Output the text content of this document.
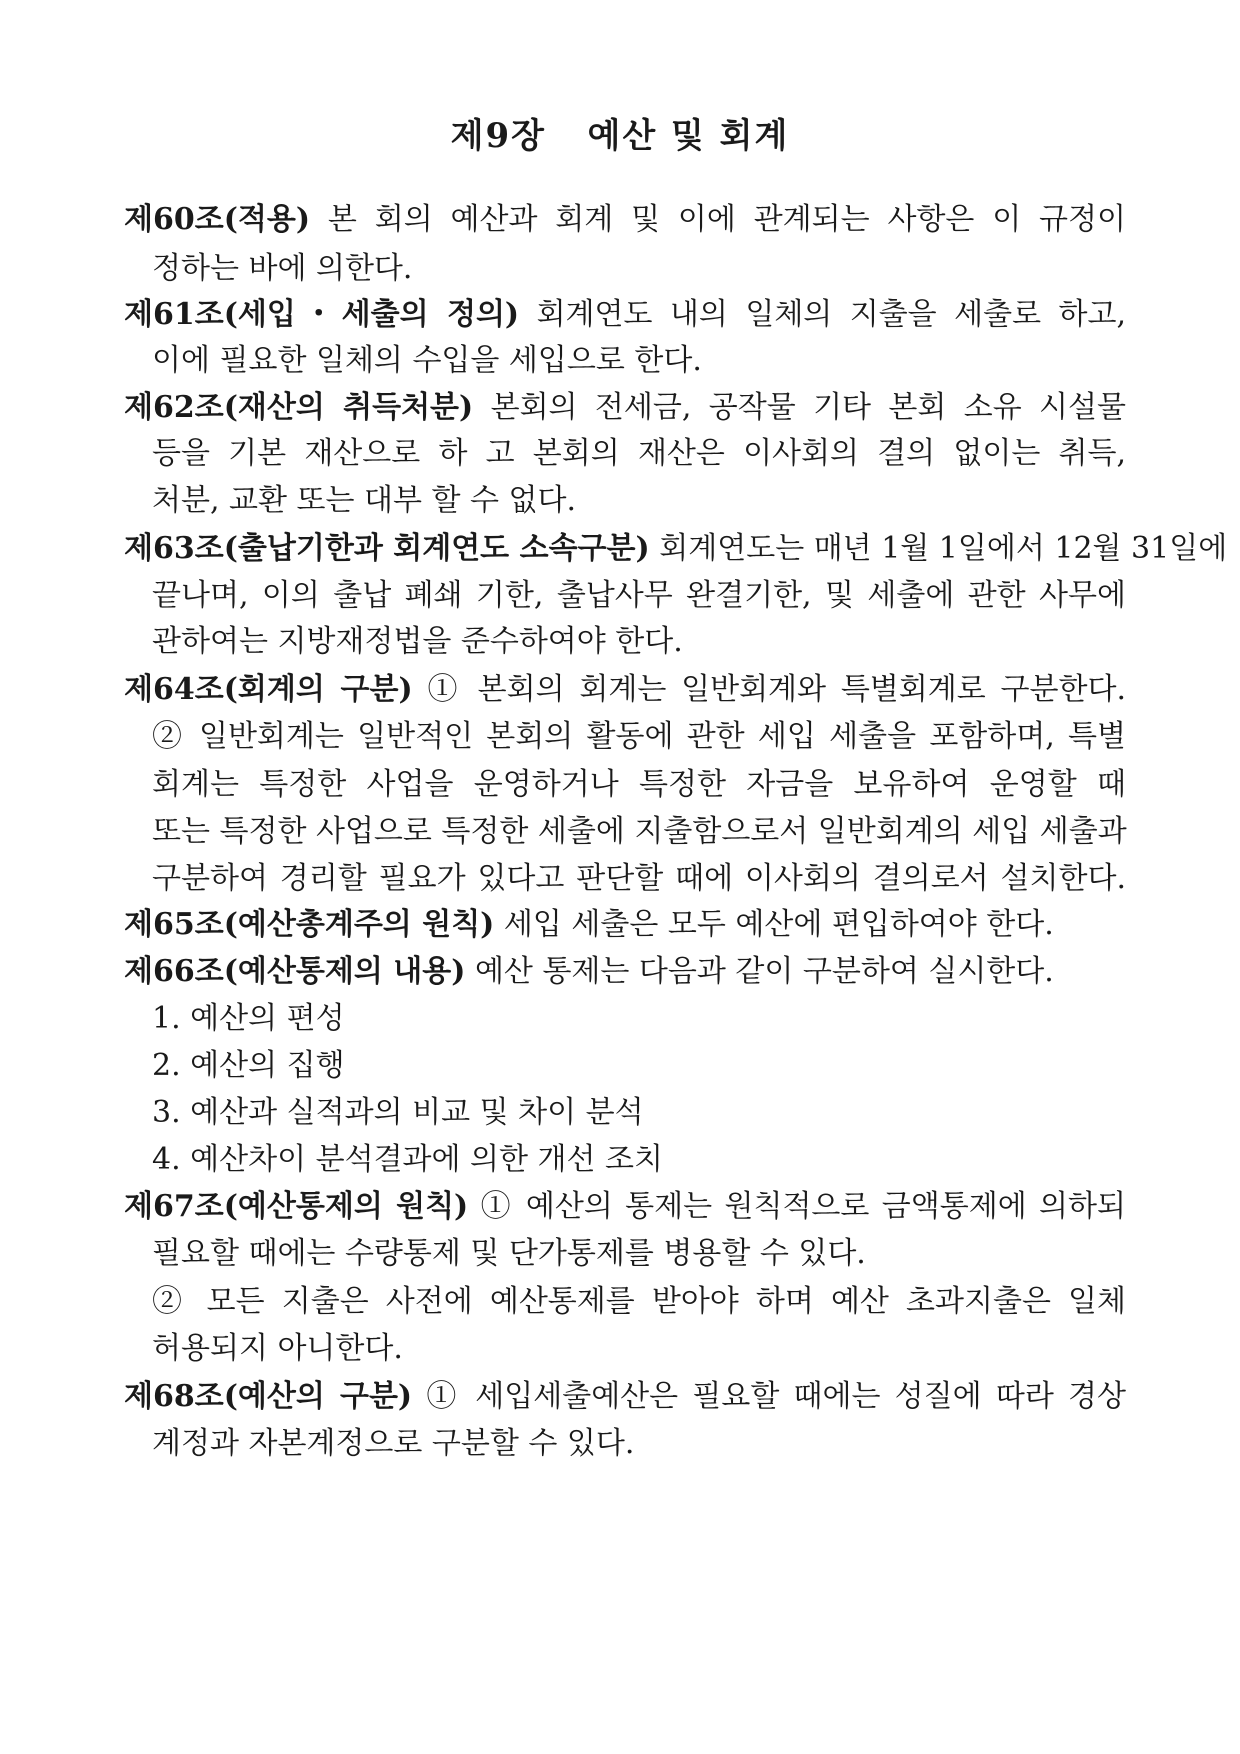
제9장   예산 및 회계
제60조(적용) 본 회의 예산과 회계 및 이에 관계되는 사항은 이 규정이
정하는 바에 의한다.
제61조(세입・세출의 정의) 회계연도 내의 일체의 지출을 세출로 하고,
이에 필요한 일체의 수입을 세입으로 한다.
제62조(재산의 취득처분) 본회의 전세금, 공작물 기타 본회 소유 시설물
등을 기본 재산으로 하 고 본회의 재산은 이사회의 결의 없이는 취득,
처분, 교환 또는 대부 할 수 없다.
제63조(출납기한과 회계연도 소속구분) 회계연도는 매년 1월 1일에서 12월 31일에
끝나며, 이의 출납 폐쇄 기한, 출납사무 완결기한, 및 세출에 관한 사무에
관하여는 지방재정법을 준수하여야 한다.
제64조(회계의 구분) ① 본회의 회계는 일반회계와 특별회계로 구분한다.
② 일반회계는 일반적인 본회의 활동에 관한 세입 세출을 포함하며, 특별
회계는 특정한 사업을 운영하거나 특정한 자금을 보유하여 운영할 때
또는 특정한 사업으로 특정한 세출에 지출함으로서 일반회계의 세입 세출과
구분하여 경리할 필요가 있다고 판단할 때에 이사회의 결의로서 설치한다.
제65조(예산총계주의 원칙) 세입 세출은 모두 예산에 편입하여야 한다.
제66조(예산통제의 내용) 예산 통제는 다음과 같이 구분하여 실시한다.
1. 예산의 편성
2. 예산의 집행
3. 예산과 실적과의 비교 및 차이 분석
4. 예산차이 분석결과에 의한 개선 조치
제67조(예산통제의 원칙) ① 예산의 통제는 원칙적으로 금액통제에 의하되
필요할 때에는 수량통제 및 단가통제를 병용할 수 있다.
② 모든 지출은 사전에 예산통제를 받아야 하며 예산 초과지출은 일체
허용되지 아니한다.
제68조(예산의 구분) ① 세입세출예산은 필요할 때에는 성질에 따라 경상
계정과 자본계정으로 구분할 수 있다.
